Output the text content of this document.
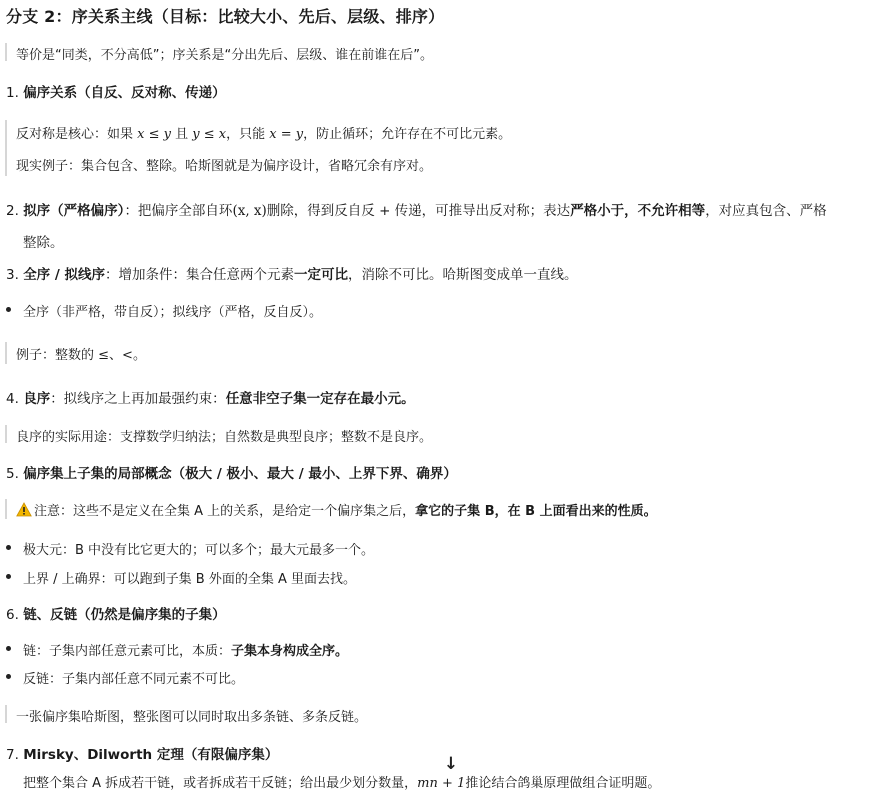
分支 2：序关系主线（目标：比较大小、先后、层级、排序）
等价是“同类，不分高低”；序关系是“分出先后、层级、谁在前谁在后”。
1. 偏序关系（自反、反对称、传递）
反对称是核心：如果 x ≤ y 且 y ≤ x，只能 x = y，防止循环；允许存在不可比元素。
现实例子：集合包含、整除。哈斯图就是为偏序设计，省略冗余有序对。
2. 拟序（严格偏序）：把偏序全部自环(x, x)删除，得到反自反 + 传递，可推导出反对称；表达严格小于，不允许相等，对应真包含、严格
整除。
3. 全序 / 拟线序：增加条件：集合任意两个元素一定可比，消除不可比。哈斯图变成单一直线。
全序（非严格，带自反）；拟线序（严格，反自反）。
例子：整数的 ≤、<。
4. 良序：拟线序之上再加最强约束：任意非空子集一定存在最小元。
良序的实际用途：支撑数学归纳法；自然数是典型良序；整数不是良序。
5. 偏序集上子集的局部概念（极大 / 极小、最大 / 最小、上界下界、确界）
注意：这些不是定义在全集 A 上的关系，是给定一个偏序集之后，拿它的子集 B，在 B 上面看出来的性质。
极大元：B 中没有比它更大的；可以多个；最大元最多一个。
上界 / 上确界：可以跑到子集 B 外面的全集 A 里面去找。
6. 链、反链（仍然是偏序集的子集）
链：子集内部任意元素可比，本质：子集本身构成全序。
反链：子集内部任意不同元素不可比。
一张偏序集哈斯图，整张图可以同时取出多条链、多条反链。
7. Mirsky、Dilworth 定理（有限偏序集）
把整个集合 A 拆成若干链，或者拆成若干反链；给出最少划分数量，mn + 1推论结合鸽巢原理做组合证明题。
↓
